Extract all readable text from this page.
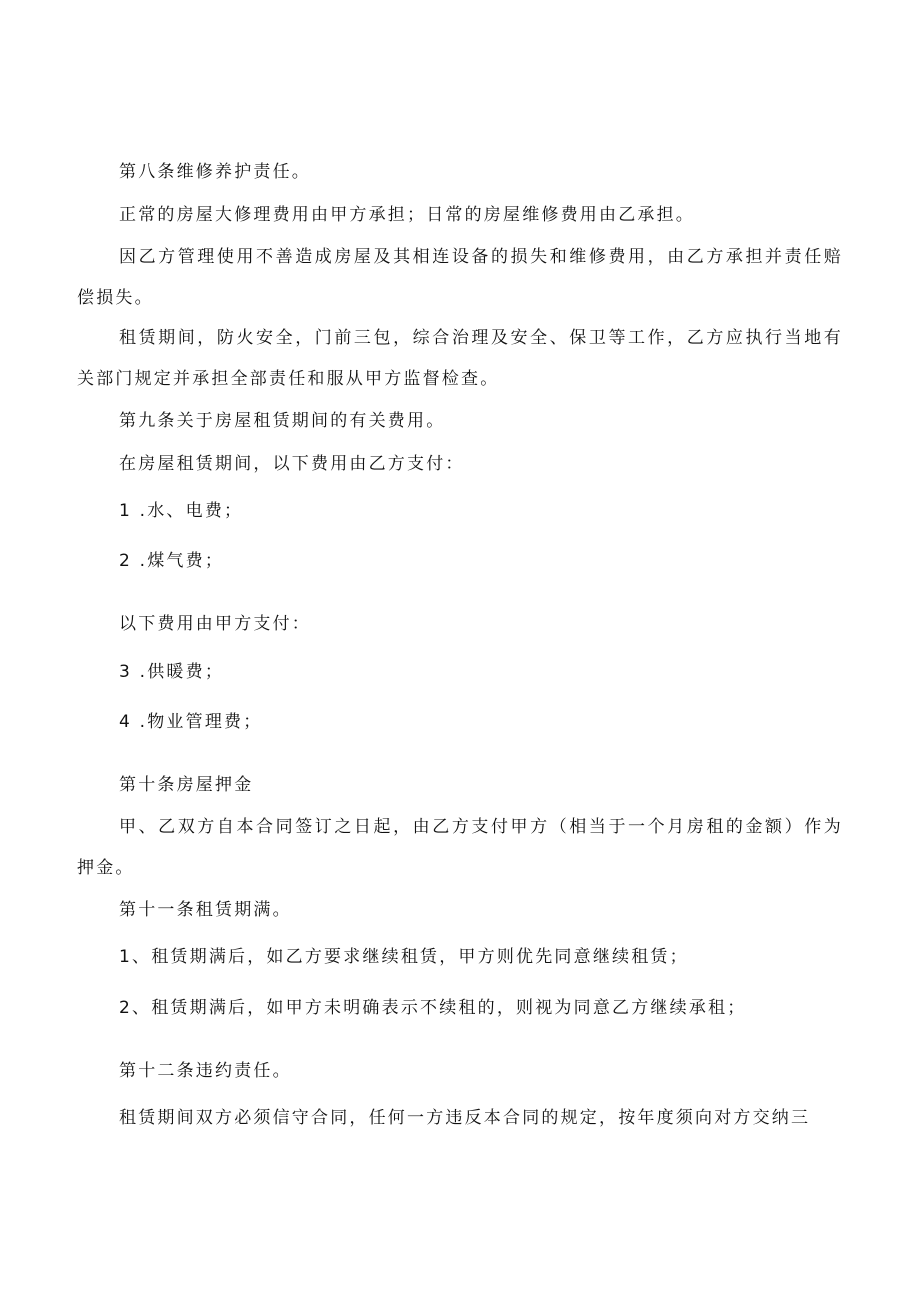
第八条维修养护责任。
正常的房屋大修理费用由甲方承担；日常的房屋维修费用由乙承担。
因乙方管理使用不善造成房屋及其相连设备的损失和维修费用，由乙方承担并责任赔偿损失。
租赁期间，防火安全，门前三包，综合治理及安全、保卫等工作，乙方应执行当地有关部门规定并承担全部责任和服从甲方监督检查。
第九条关于房屋租赁期间的有关费用。
在房屋租赁期间，以下费用由乙方支付：
1 .水、电费；
2 .煤气费；
以下费用由甲方支付：
3 .供暖费；
4 .物业管理费；
第十条房屋押金
甲、乙双方自本合同签订之日起，由乙方支付甲方（相当于一个月房租的金额）作为押金。
第十一条租赁期满。
1、租赁期满后，如乙方要求继续租赁，甲方则优先同意继续租赁；
2、租赁期满后，如甲方未明确表示不续租的，则视为同意乙方继续承租；
第十二条违约责任。
租赁期间双方必须信守合同，任何一方违反本合同的规定，按年度须向对方交纳三
